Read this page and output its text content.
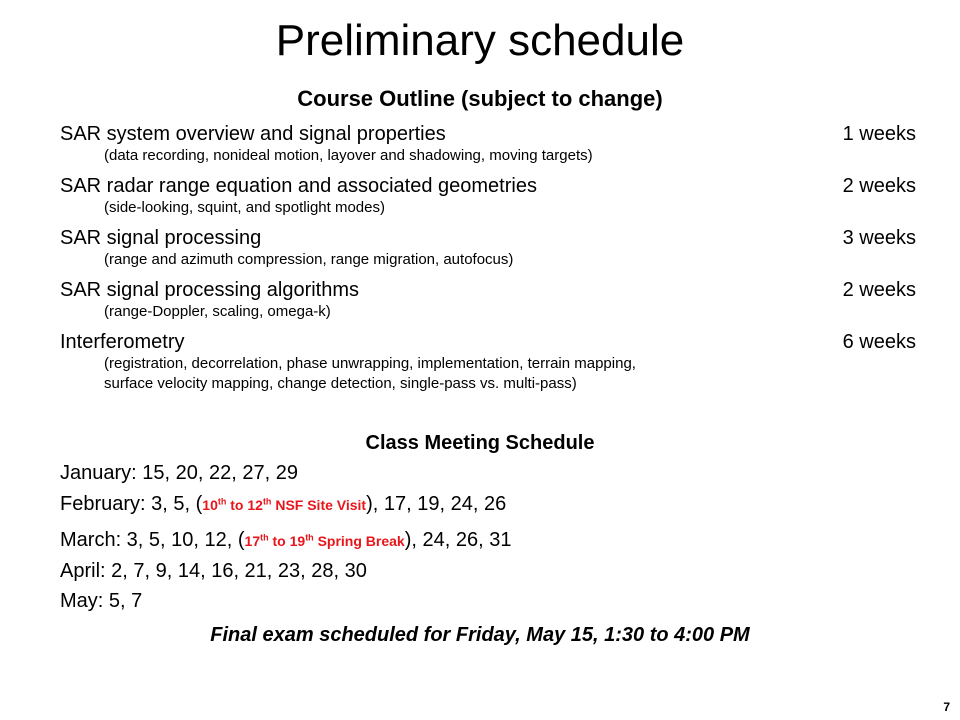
Preliminary schedule
Course Outline (subject to change)
SAR system overview and signal properties	1 weeks
(data recording, nonideal motion, layover and shadowing, moving targets)
SAR radar range equation and associated geometries	2 weeks
(side-looking, squint, and spotlight modes)
SAR signal processing	3 weeks
(range and azimuth compression, range migration, autofocus)
SAR signal processing algorithms	2 weeks
(range-Doppler, scaling, omega-k)
Interferometry	6 weeks
(registration, decorrelation, phase unwrapping, implementation, terrain mapping,
surface velocity mapping, change detection, single-pass vs. multi-pass)
Class Meeting Schedule
January: 15, 20, 22, 27, 29
February: 3, 5, (10th to 12th NSF Site Visit), 17, 19, 24, 26
March: 3, 5, 10, 12, (17th to 19th Spring Break), 24, 26, 31
April: 2, 7, 9, 14, 16, 21, 23, 28, 30
May: 5, 7
Final exam scheduled for Friday, May 15, 1:30 to 4:00 PM
7
